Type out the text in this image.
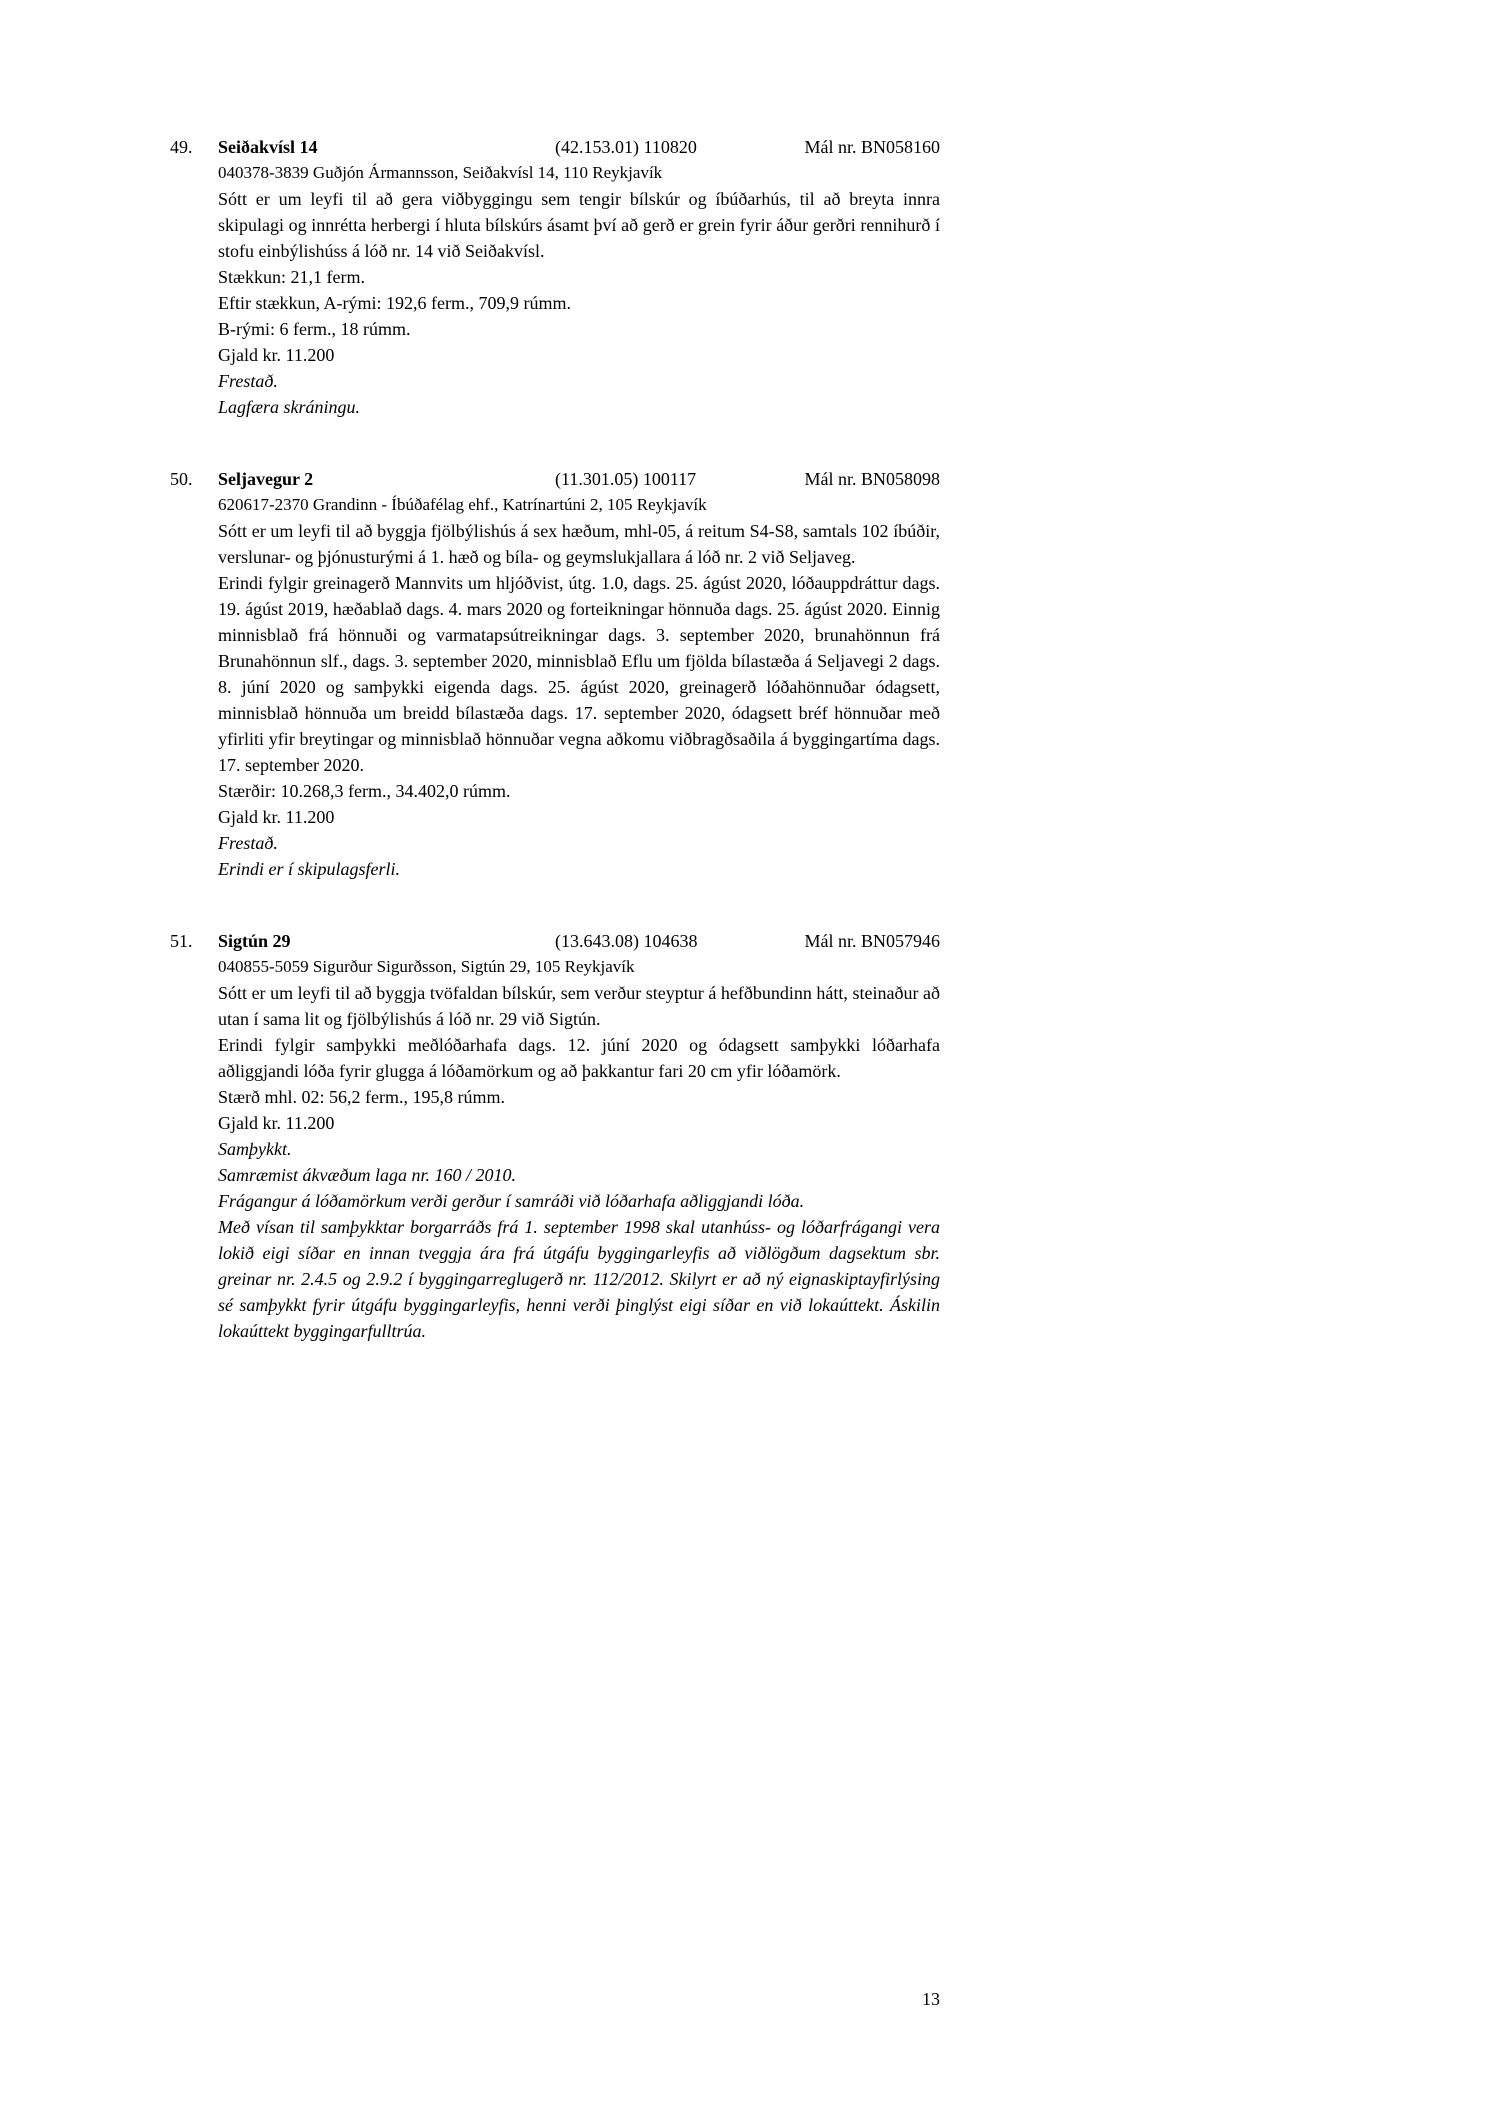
49.	Seiðakvísl 14	(42.153.01) 110820	Mál nr. BN058160

040378-3839 Guðjón Ármannsson, Seiðakvísl 14, 110 Reykjavík

Sótt er um leyfi til að gera viðbyggingu sem tengir bílskúr og íbúðarhús, til að breyta innra skipulagi og innrétta herbergi í hluta bílskúrs ásamt því að gerð er grein fyrir áður gerðri rennihurð í stofu einbýlishúss á lóð nr. 14 við Seiðakvísl.

Stækkun: 21,1 ferm.

Eftir stækkun, A-rými: 192,6 ferm., 709,9 rúmm.

B-rými: 6 ferm., 18 rúmm.

Gjald kr. 11.200

Frestað.

Lagfæra skráningu.

50.	Seljavegur 2	(11.301.05) 100117	Mál nr. BN058098

620617-2370 Grandinn - Íbúðafélag ehf., Katrínartúni 2, 105 Reykjavík

Sótt er um leyfi til að byggja fjölbýlishús á sex hæðum, mhl-05, á reitum S4-S8, samtals 102 íbúðir, verslunar- og þjónusturými á 1. hæð og bíla- og geymslukjallara á lóð nr. 2 við Seljaveg.

Erindi fylgir greinagerð Mannvits um hljóðvist, útg. 1.0, dags. 25. ágúst 2020, lóðauppdráttur dags. 19. ágúst 2019, hæðablað dags. 4. mars 2020 og forteikningar hönnuða dags. 25. ágúst 2020. Einnig minnisblað frá hönnuði og varmatapsútreikningar dags. 3. september 2020, brunahönnun frá Brunahönnun slf., dags. 3. september 2020, minnisblað Eflu um fjölda bílastæða á Seljavegi 2 dags. 8. júní 2020 og samþykki eigenda dags. 25. ágúst 2020, greinagerð lóðahönnuðar ódagsett, minnisblað hönnuða um breidd bílastæða dags. 17. september 2020, ódagsett bréf hönnuðar með yfirliti yfir breytingar og minnisblað hönnuðar vegna aðkomu viðbragðsaðila á byggingartíma dags. 17. september 2020.

Stærðir: 10.268,3 ferm., 34.402,0 rúmm.

Gjald kr. 11.200

Frestað.

Erindi er í skipulagsferli.

51.	Sigtún 29	(13.643.08) 104638	Mál nr. BN057946

040855-5059 Sigurður Sigurðsson, Sigtún 29, 105 Reykjavík

Sótt er um leyfi til að byggja tvöfaldan bílskúr, sem verður steyptur á hefðbundinn hátt, steinaður að utan í sama lit og fjölbýlishús á lóð nr. 29 við Sigtún.

Erindi fylgir samþykki meðlóðarhafa dags. 12. júní 2020 og ódagsett samþykki lóðarhafa aðliggjandi lóða fyrir glugga á lóðamörkum og að þakkantur fari 20 cm yfir lóðamörk.

Stærð mhl. 02: 56,2 ferm., 195,8 rúmm.

Gjald kr. 11.200

Samþykkt.

Samræmist ákvæðum laga nr. 160 / 2010.

Frágangur á lóðamörkum verði gerður í samráði við lóðarhafa aðliggjandi lóða.

Með vísan til samþykktar borgarráðs frá 1. september 1998 skal utanhúss- og lóðarfrágangi vera lokið eigi síðar en innan tveggja ára frá útgáfu byggingarleyfis að viðlögðum dagsektum sbr. greinar nr. 2.4.5 og 2.9.2 í byggingarreglugerð nr. 112/2012. Skilyrt er að ný eignaskiptayfirlýsing sé samþykkt fyrir útgáfu byggingarleyfis, henni verði þinglýst eigi síðar en við lokaúttekt. Áskilin lokaúttekt byggingarfulltrúa.

13
